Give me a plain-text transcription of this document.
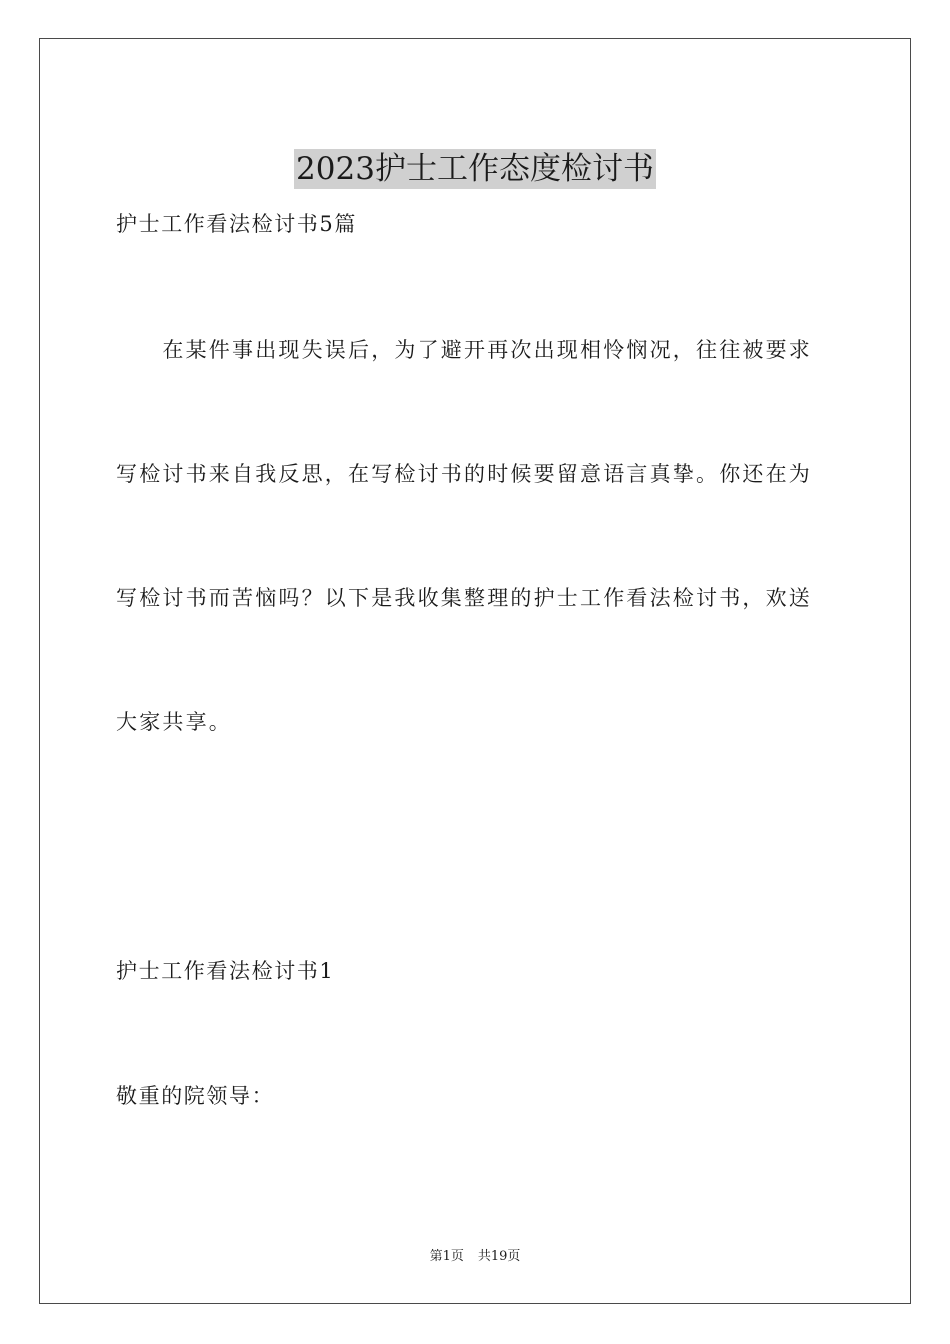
2023护士工作态度检讨书
护士工作看法检讨书5篇
　　在某件事出现失误后，为了避开再次出现相怜悯况，往往被要求
写检讨书来自我反思，在写检讨书的时候要留意语言真挚。你还在为
写检讨书而苦恼吗？以下是我收集整理的护士工作看法检讨书，欢送
大家共享。
护士工作看法检讨书1
敬重的院领导：
第1页 共19页
